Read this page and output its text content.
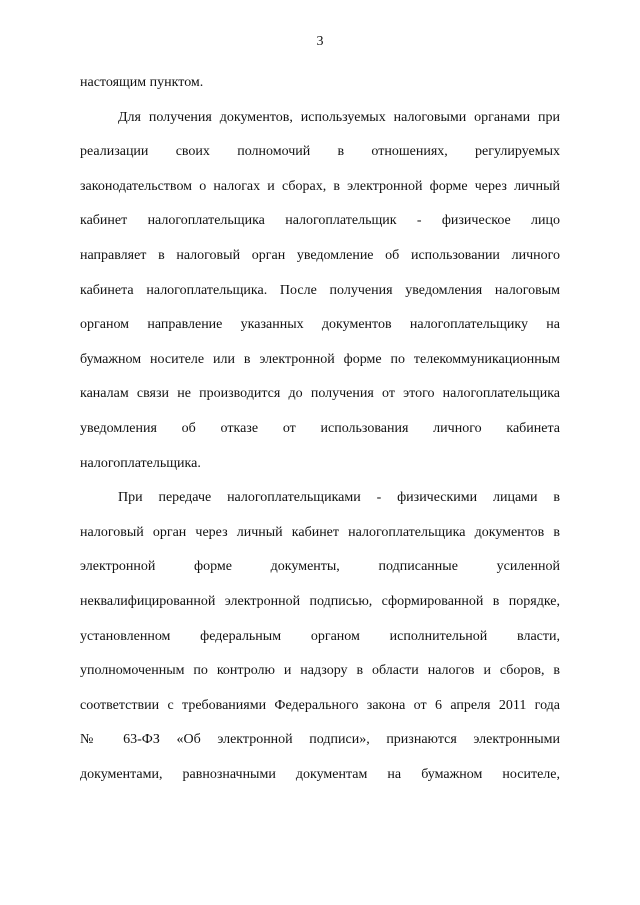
3
настоящим пунктом.
Для получения документов, используемых налоговыми органами при
реализации своих полномочий в отношениях, регулируемых
законодательством о налогах и сборах, в электронной форме через личный
кабинет налогоплательщика налогоплательщик - физическое лицо
направляет в налоговый орган уведомление об использовании личного
кабинета налогоплательщика. После получения уведомления налоговым
органом направление указанных документов налогоплательщику на
бумажном носителе или в электронной форме по телекоммуникационным
каналам связи не производится до получения от этого налогоплательщика
уведомления об отказе от использования личного кабинета
налогоплательщика.
При передаче налогоплательщиками - физическими лицами в
налоговый орган через личный кабинет налогоплательщика документов в
электронной форме документы, подписанные усиленной
неквалифицированной электронной подписью, сформированной в порядке,
установленном федеральным органом исполнительной власти,
уполномоченным по контролю и надзору в области налогов и сборов, в
соответствии с требованиями Федерального закона от 6 апреля 2011 года
№ 63-ФЗ «Об электронной подписи», признаются электронными
документами, равнозначными документам на бумажном носителе,
